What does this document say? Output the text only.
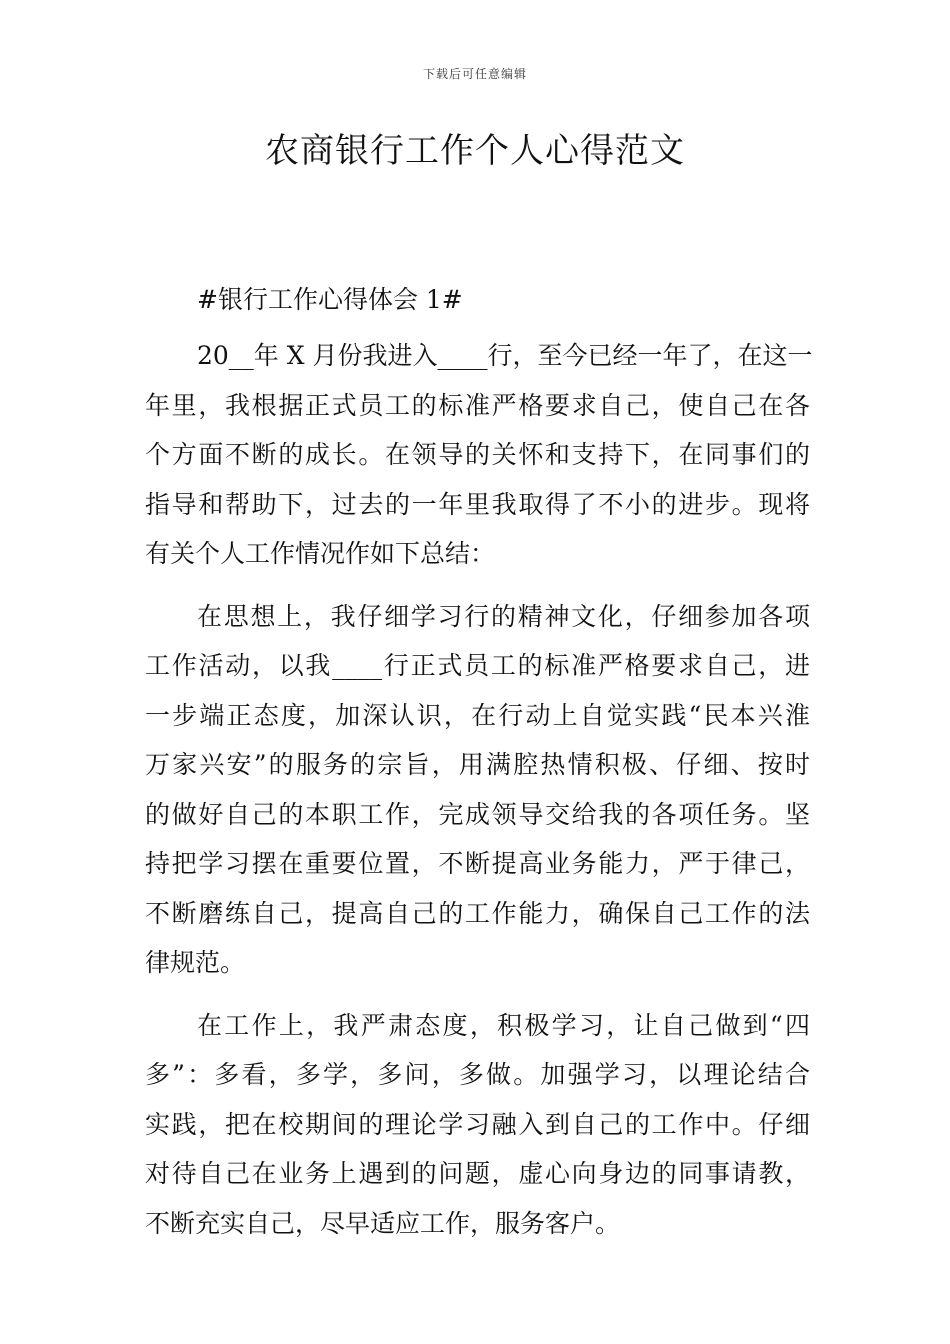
下载后可任意编辑
农商银行工作个人心得范文

#银行工作心得体会 1#

20__年 X 月份我进入____行，至今已经一年了，在这一
年里，我根据正式员工的标准严格要求自己，使自己在各
个方面不断的成长。在领导的关怀和支持下，在同事们的
指导和帮助下，过去的一年里我取得了不小的进步。现将
有关个人工作情况作如下总结：
在思想上，我仔细学习行的精神文化，仔细参加各项
工作活动，以我____行正式员工的标准严格要求自己，进
一步端正态度，加深认识，在行动上自觉实践“民本兴淮
万家兴安”的服务的宗旨，用满腔热情积极、仔细、按时
的做好自己的本职工作，完成领导交给我的各项任务。坚
持把学习摆在重要位置，不断提高业务能力，严于律己，
不断磨练自己，提高自己的工作能力，确保自己工作的法
律规范。
在工作上，我严肃态度，积极学习，让自己做到“四
多”：多看，多学，多问，多做。加强学习，以理论结合
实践，把在校期间的理论学习融入到自己的工作中。仔细
对待自己在业务上遇到的问题，虚心向身边的同事请教，
不断充实自己，尽早适应工作，服务客户。
